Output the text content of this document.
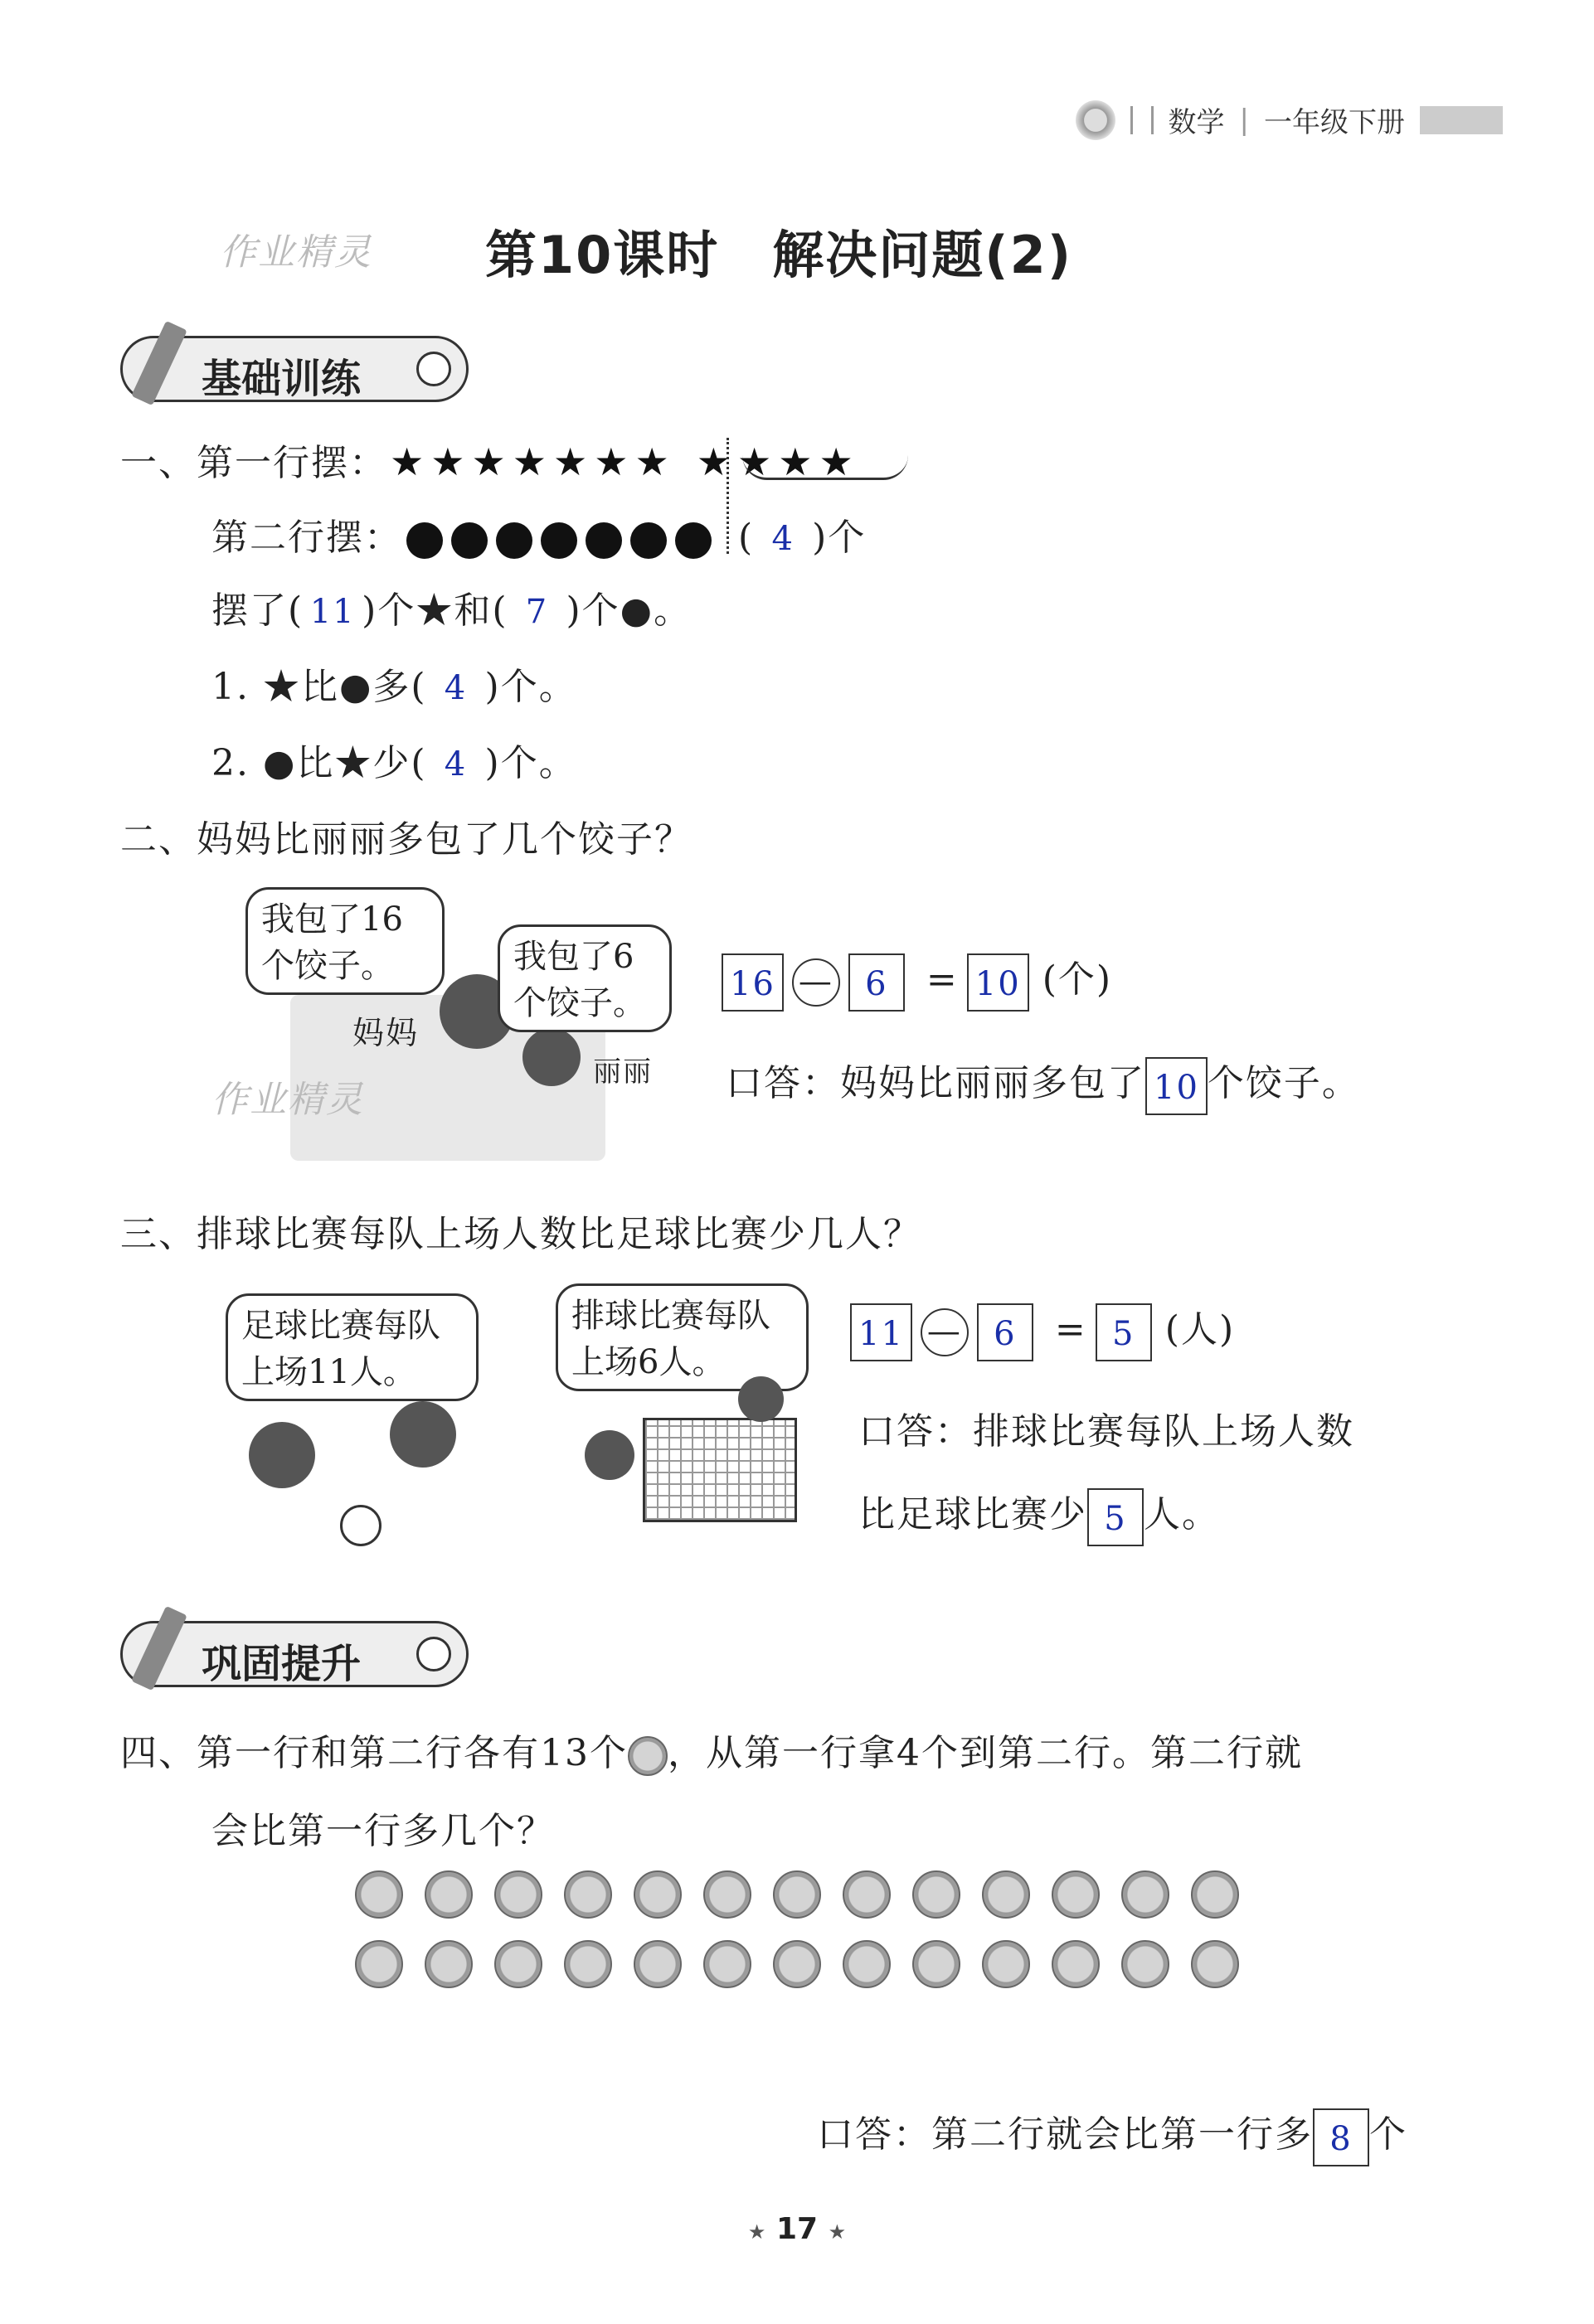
数学 | 一年级下册
作业精灵 第10课时　解决问题(2)
基础训练
一、第一行摆：★ ★ ★ ★ ★ ★ ★ ★ ★ ★ ★
第二行摆：	( 4 )个
摆了( 11 )个★和( 7 )个●。
1. ★比●多( 4 )个。
2. ●比★少( 4 )个。
二、妈妈比丽丽多包了几个饺子？
我包了16个饺子。	我包了6个饺子。
妈妈
丽丽
作业精灵
16 — 6 = 10 (个)
口答：妈妈比丽丽多包了 10 个饺子。
三、排球比赛每队上场人数比足球比赛少几人？
足球比赛每队上场11人。
排球比赛每队上场6人。
11 — 6 = 5 (人)
口答：排球比赛每队上场人数
比足球比赛少 5 人。
巩固提升
四、第一行和第二行各有13个 ，从第一行拿4个到第二行。第二行就
会比第一行多几个？
口答：第二行就会比第一行多 8 个
★ 17 ★
